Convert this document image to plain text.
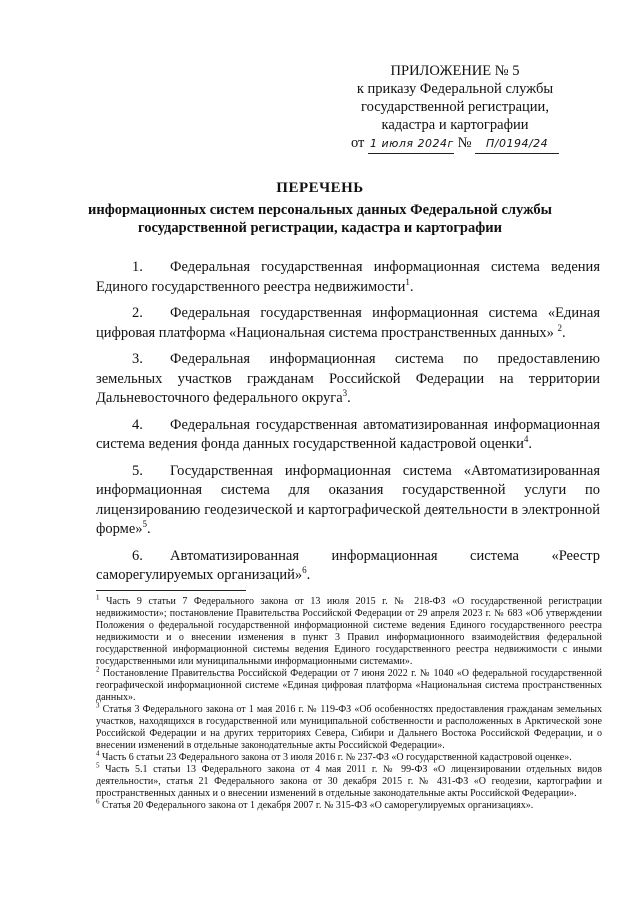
ПРИЛОЖЕНИЕ № 5
к приказу Федеральной службы
государственной регистрации,
кадастра и картографии
от 1 июля 2024г № П/0194/24
ПЕРЕЧЕНЬ
информационных систем персональных данных Федеральной службы государственной регистрации, кадастра и картографии
1. Федеральная государственная информационная система ведения Единого государственного реестра недвижимости$^1$.
2. Федеральная государственная информационная система «Единая цифровая платформа «Национальная система пространственных данных» $^2$.
3. Федеральная информационная система по предоставлению земельных участков гражданам Российской Федерации на территории Дальневосточного федерального округа$^3$.
4. Федеральная государственная автоматизированная информационная система ведения фонда данных государственной кадастровой оценки$^4$.
5. Государственная информационная система «Автоматизированная информационная система для оказания государственной услуги по лицензированию геодезической и картографической деятельности в электронной форме»$^5$.
6. Автоматизированная информационная система «Реестр саморегулируемых организаций»$^6$.
$^1$ Часть 9 статьи 7 Федерального закона от 13 июля 2015 г. № 218-ФЗ «О государственной регистрации недвижимости»; постановление Правительства Российской Федерации от 29 апреля 2023 г. № 683 «Об утверждении Положения о федеральной государственной информационной системе ведения Единого государственного реестра недвижимости и о внесении изменения в пункт 3 Правил информационного взаимодействия федеральной государственной информационной системы ведения Единого государственного реестра недвижимости с иными государственными или муниципальными информационными системами».
$^2$ Постановление Правительства Российской Федерации от 7 июня 2022 г. № 1040 «О федеральной государственной географической информационной системе «Единая цифровая платформа «Национальная система пространственных данных».
$^3$ Статья 3 Федерального закона от 1 мая 2016 г. № 119-ФЗ «Об особенностях предоставления гражданам земельных участков, находящихся в государственной или муниципальной собственности и расположенных в Арктической зоне Российской Федерации и на других территориях Севера, Сибири и Дальнего Востока Российской Федерации, и о внесении изменений в отдельные законодательные акты Российской Федерации».
$^4$ Часть 6 статьи 23 Федерального закона от 3 июля 2016 г. № 237-ФЗ «О государственной кадастровой оценке».
$^5$ Часть 5.1 статьи 13 Федерального закона от 4 мая 2011 г. № 99-ФЗ «О лицензировании отдельных видов деятельности», статья 21 Федерального закона от 30 декабря 2015 г. № 431-ФЗ «О геодезии, картографии и пространственных данных и о внесении изменений в отдельные законодательные акты Российской Федерации».
$^6$ Статья 20 Федерального закона от 1 декабря 2007 г. № 315-ФЗ «О саморегулируемых организациях».
